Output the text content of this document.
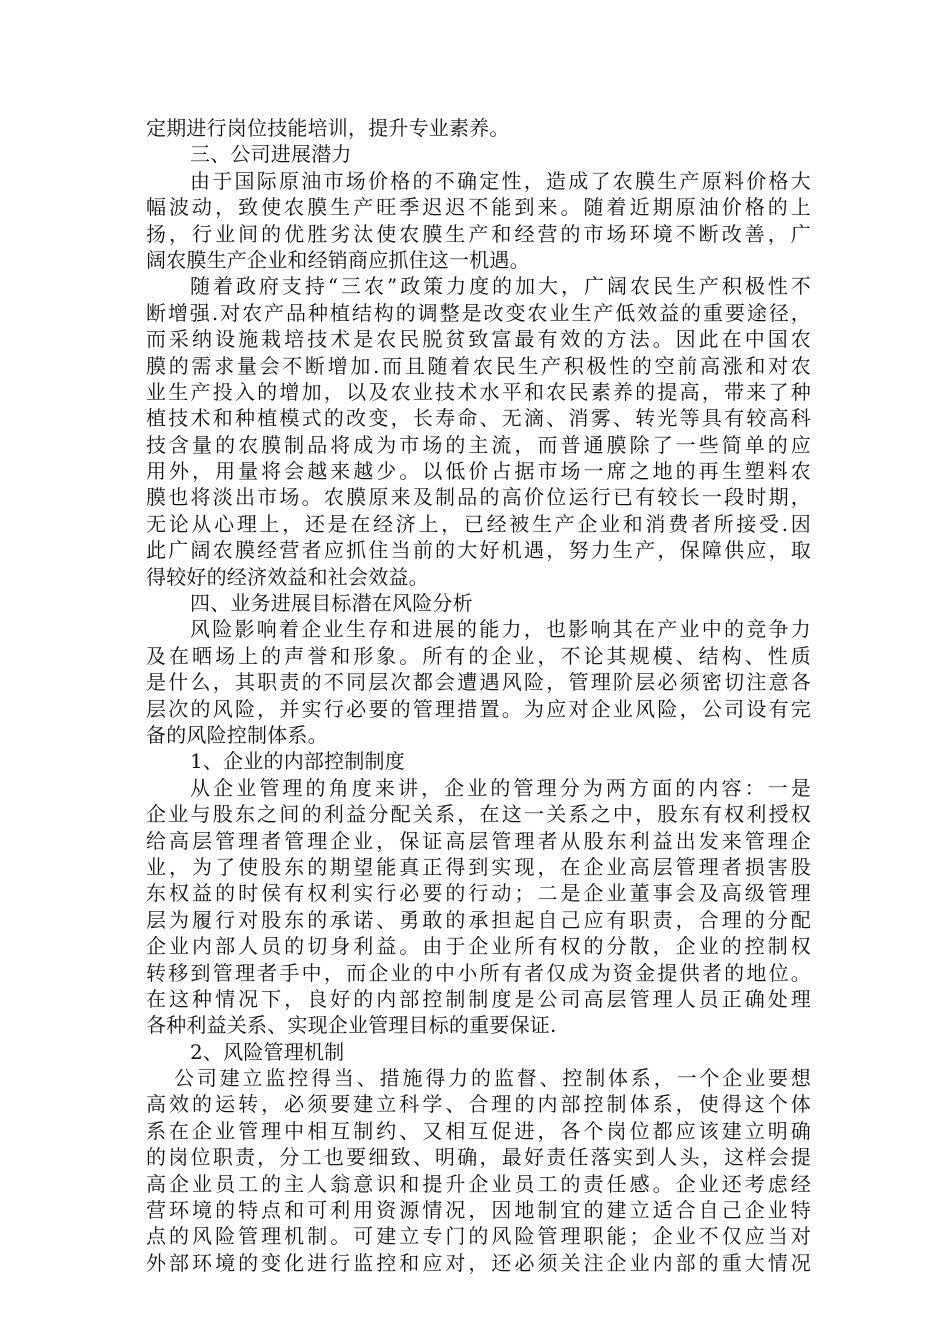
定期进行岗位技能培训，提升专业素养。
三、公司进展潜力
由于国际原油市场价格的不确定性，造成了农膜生产原料价格大
幅波动，致使农膜生产旺季迟迟不能到来。随着近期原油价格的上
扬，行业间的优胜劣汰使农膜生产和经营的市场环境不断改善，广
阔农膜生产企业和经销商应抓住这一机遇。
随着政府支持“三农”政策力度的加大，广阔农民生产积极性不
断增强.对农产品种植结构的调整是改变农业生产低效益的重要途径，
而采纳设施栽培技术是农民脱贫致富最有效的方法。因此在中国农
膜的需求量会不断增加.而且随着农民生产积极性的空前高涨和对农
业生产投入的增加，以及农业技术水平和农民素养的提高，带来了种
植技术和种植模式的改变，长寿命、无滴、消雾、转光等具有较高科
技含量的农膜制品将成为市场的主流，而普通膜除了一些简单的应
用外，用量将会越来越少。以低价占据市场一席之地的再生塑料农
膜也将淡出市场。农膜原来及制品的高价位运行已有较长一段时期，
无论从心理上，还是在经济上，已经被生产企业和消费者所接受.因
此广阔农膜经营者应抓住当前的大好机遇，努力生产，保障供应，取
得较好的经济效益和社会效益。
四、业务进展目标潜在风险分析
风险影响着企业生存和进展的能力，也影响其在产业中的竞争力
及在晒场上的声誉和形象。所有的企业，不论其规模、结构、性质
是什么，其职责的不同层次都会遭遇风险，管理阶层必须密切注意各
层次的风险，并实行必要的管理措置。为应对企业风险，公司设有完
备的风险控制体系。
1、企业的内部控制制度
从企业管理的角度来讲，企业的管理分为两方面的内容：一是
企业与股东之间的利益分配关系，在这一关系之中，股东有权利授权
给高层管理者管理企业，保证高层管理者从股东利益出发来管理企
业，为了使股东的期望能真正得到实现，在企业高层管理者损害股
东权益的时侯有权利实行必要的行动；二是企业董事会及高级管理
层为履行对股东的承诺、勇敢的承担起自己应有职责，合理的分配
企业内部人员的切身利益。由于企业所有权的分散，企业的控制权
转移到管理者手中，而企业的中小所有者仅成为资金提供者的地位。
在这种情况下，良好的内部控制制度是公司高层管理人员正确处理
各种利益关系、实现企业管理目标的重要保证.
2、风险管理机制
公司建立监控得当、措施得力的监督、控制体系，一个企业要想
高效的运转，必须要建立科学、合理的内部控制体系，使得这个体
系在企业管理中相互制约、又相互促进，各个岗位都应该建立明确
的岗位职责，分工也要细致、明确，最好责任落实到人头，这样会提
高企业员工的主人翁意识和提升企业员工的责任感。企业还考虑经
营环境的特点和可利用资源情况，因地制宜的建立适合自己企业特
点的风险管理机制。可建立专门的风险管理职能；企业不仅应当对
外部环境的变化进行监控和应对，还必须关注企业内部的重大情况
